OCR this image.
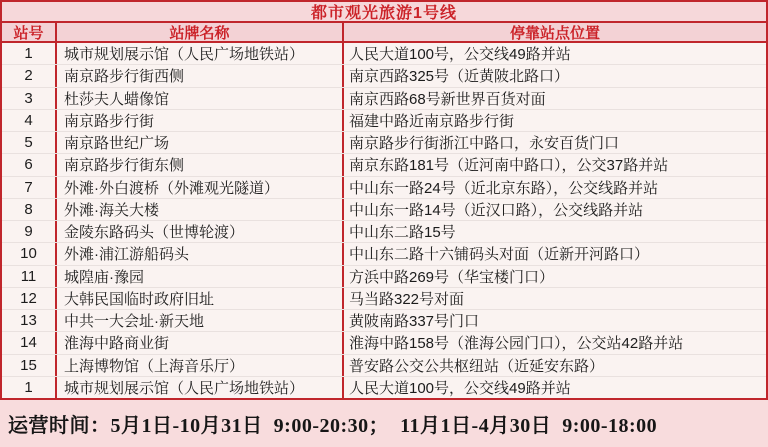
都市观光旅游1号线
站号	站牌名称	停靠站点位置
1	城市规划展示馆（人民广场地铁站）	人民大道100号，公交线49路并站
2	南京路步行街西侧	南京西路325号（近黄陂北路口）
3	杜莎夫人蜡像馆	南京西路68号新世界百货对面
4	南京路步行街	福建中路近南京路步行街
5	南京路世纪广场	南京路步行街浙江中路口，永安百货门口
6	南京路步行街东侧	南京东路181号（近河南中路口），公交37路并站
7	外滩·外白渡桥（外滩观光隧道）	中山东一路24号（近北京东路），公交线路并站
8	外滩·海关大楼	中山东一路14号（近汉口路），公交线路并站
9	金陵东路码头（世博轮渡）	中山东二路15号
10	外滩·浦江游船码头	中山东二路十六铺码头对面（近新开河路口）
11	城隍庙·豫园	方浜中路269号（华宝楼门口）
12	大韩民国临时政府旧址	马当路322号对面
13	中共一大会址·新天地	黄陂南路337号门口
14	淮海中路商业街	淮海中路158号（淮海公园门口），公交站42路并站
15	上海博物馆（上海音乐厅）	普安路公交公共枢纽站（近延安东路）
1	城市规划展示馆（人民广场地铁站）	人民大道100号，公交线49路并站
运营时间：5月1日-10月31日  9:00-20:30；  11月1日-4月30日  9:00-18:00
